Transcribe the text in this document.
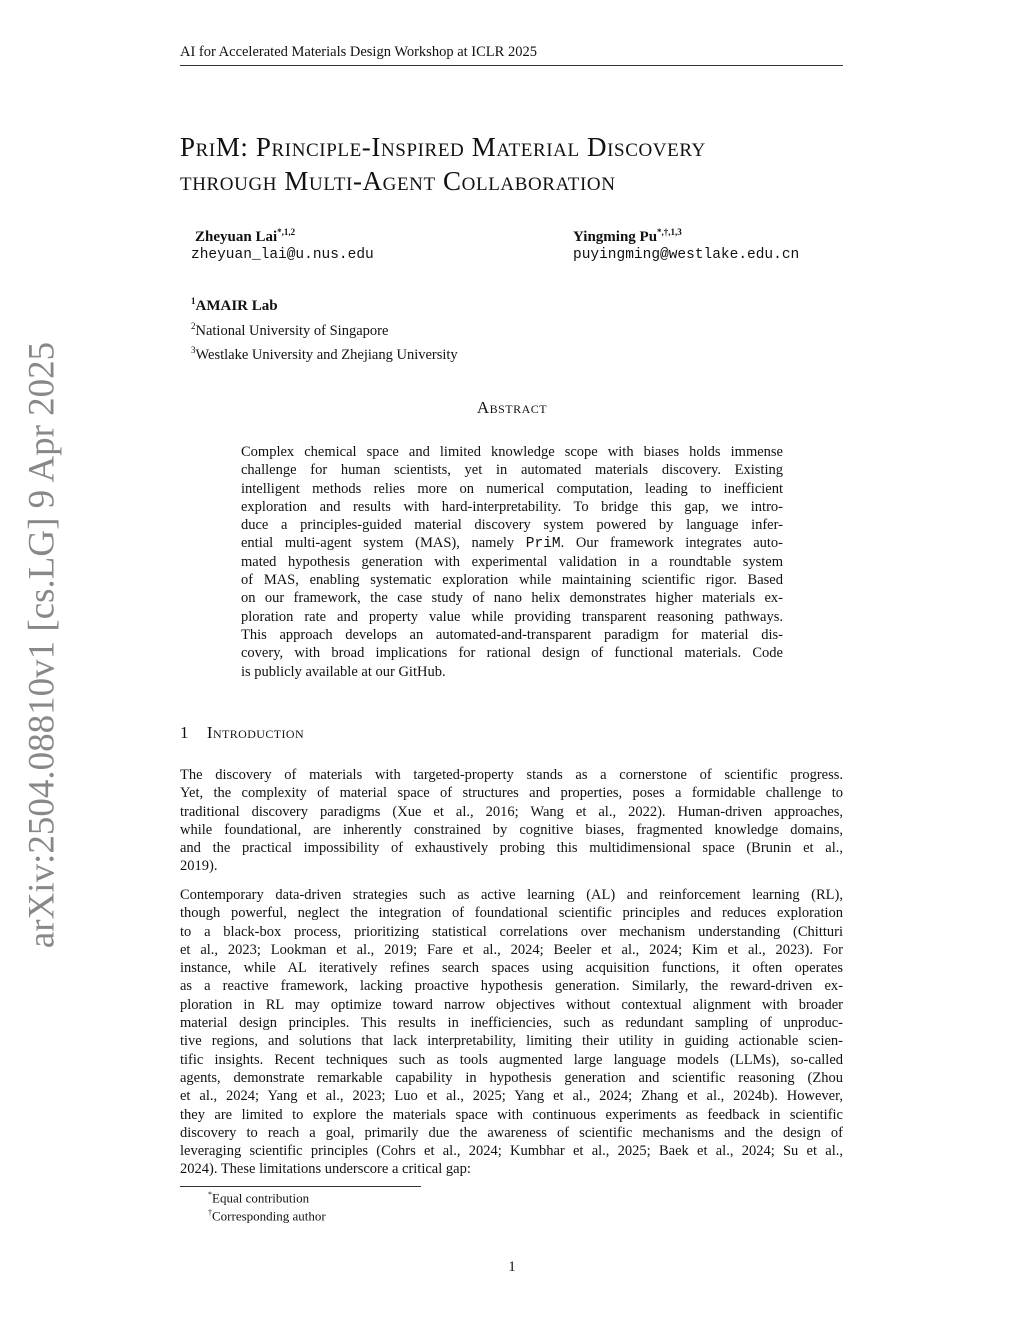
arXiv:2504.08810v1 [cs.LG] 9 Apr 2025
AI for Accelerated Materials Design Workshop at ICLR 2025
PriM: Principle-Inspired Material Discovery
through Multi-Agent Collaboration
Zheyuan Lai$^{*,1,2}$
zheyuan_lai@u.nus.edu
Yingming $Pu^{*,\dagger,1,3}$
puyingming@westlake.edu.cn
$^1$AMAIR Lab
$^2$National University of Singapore
$^3$Westlake University and Zhejiang University
Abstract
Complex chemical space and limited knowledge scope with biases holds immense
challenge for human scientists, yet in automated materials discovery. Existing
intelligent methods relies more on numerical computation, leading to inefficient
exploration and results with hard-interpretability. To bridge this gap, we intro-
duce a principles-guided material discovery system powered by language infer-
ential multi-agent system (MAS), namely PriM. Our framework integrates auto-
mated hypothesis generation with experimental validation in a roundtable system
of MAS, enabling systematic exploration while maintaining scientific rigor. Based
on our framework, the case study of nano helix demonstrates higher materials ex-
ploration rate and property value while providing transparent reasoning pathways.
This approach develops an automated-and-transparent paradigm for material dis-
covery, with broad implications for rational design of functional materials. Code
is publicly available at our GitHub.
1 Introduction
The discovery of materials with targeted-property stands as a cornerstone of scientific progress.
Yet, the complexity of material space of structures and properties, poses a formidable challenge to
traditional discovery paradigms (Xue et al., 2016; Wang et al., 2022). Human-driven approaches,
while foundational, are inherently constrained by cognitive biases, fragmented knowledge domains,
and the practical impossibility of exhaustively probing this multidimensional space (Brunin et al.,
2019).
Contemporary data-driven strategies such as active learning (AL) and reinforcement learning (RL),
though powerful, neglect the integration of foundational scientific principles and reduces exploration
to a black-box process, prioritizing statistical correlations over mechanism understanding (Chitturi
et al., 2023; Lookman et al., 2019; Fare et al., 2024; Beeler et al., 2024; Kim et al., 2023). For
instance, while AL iteratively refines search spaces using acquisition functions, it often operates
as a reactive framework, lacking proactive hypothesis generation. Similarly, the reward-driven ex-
ploration in RL may optimize toward narrow objectives without contextual alignment with broader
material design principles. This results in inefficiencies, such as redundant sampling of unproduc-
tive regions, and solutions that lack interpretability, limiting their utility in guiding actionable scien-
tific insights. Recent techniques such as tools augmented large language models (LLMs), so-called
agents, demonstrate remarkable capability in hypothesis generation and scientific reasoning (Zhou
et al., 2024; Yang et al., 2023; Luo et al., 2025; Yang et al., 2024; Zhang et al., 2024b). However,
they are limited to explore the materials space with continuous experiments as feedback in scientific
discovery to reach a goal, primarily due the awareness of scientific mechanisms and the design of
leveraging scientific principles (Cohrs et al., 2024; Kumbhar et al., 2025; Baek et al., 2024; Su et al.,
2024). These limitations underscore a critical gap:
*Equal contribution
†Corresponding author
1
